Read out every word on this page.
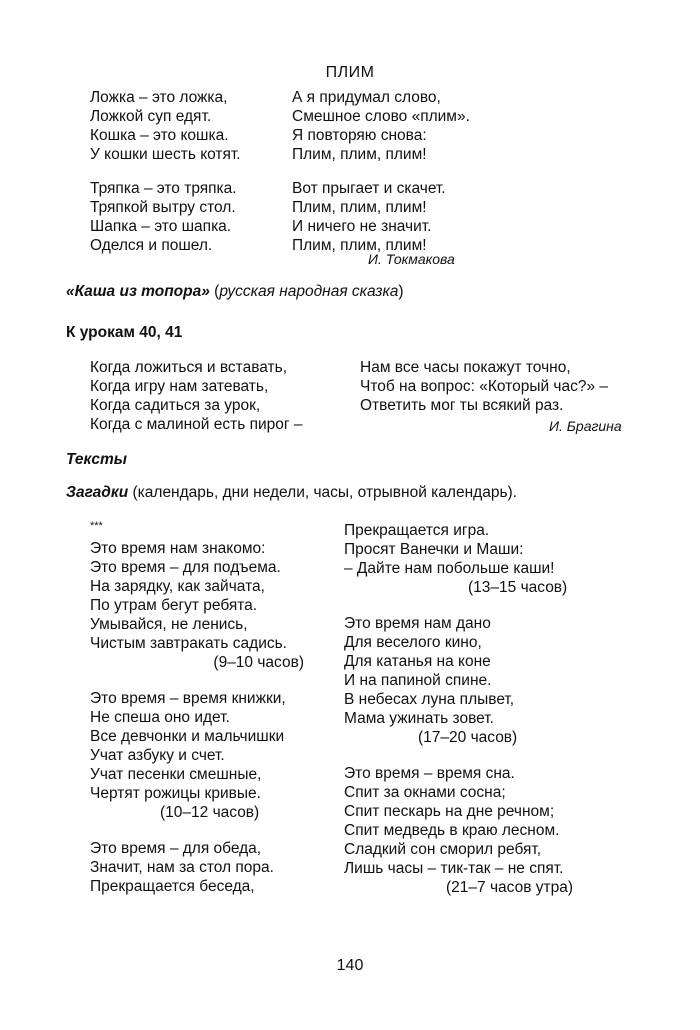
ПЛИМ
Ложка – это ложка,
Ложкой суп едят.
Кошка – это кошка.
У кошки шесть котят.
Тряпка – это тряпка.
Тряпкой вытру стол.
Шапка – это шапка.
Оделся и пошел.
А я придумал слово,
Смешное слово «плим».
Я повторяю снова:
Плим, плим, плим!
Вот прыгает и скачет.
Плим, плим, плим!
И ничего не значит.
Плим, плим, плим!
И. Токмакова
«Каша из топора» (русская народная сказка)
К урокам 40, 41
Когда ложиться и вставать,
Когда игру нам затевать,
Когда садиться за урок,
Когда с малиной есть пирог –
Нам все часы покажут точно,
Чтоб на вопрос: «Который час?» –
Ответить мог ты всякий раз.
И. Брагина
Тексты
Загадки (календарь, дни недели, часы, отрывной календарь).
***
Это время нам знакомо:
Это время – для подъема.
На зарядку, как зайчата,
По утрам бегут ребята.
Умывайся, не ленись,
Чистым завтракать садись.
(9–10 часов)
Это время – время книжки,
Не спеша оно идет.
Все девчонки и мальчишки
Учат азбуку и счет.
Учат песенки смешные,
Чертят рожицы кривые.
(10–12 часов)
Это время – для обеда,
Значит, нам за стол пора.
Прекращается беседа,
Прекращается игра.
Просят Ванечки и Маши:
– Дайте нам побольше каши!
(13–15 часов)
Это время нам дано
Для веселого кино,
Для катанья на коне
И на папиной спине.
В небесах луна плывет,
Мама ужинать зовет.
(17–20 часов)
Это время – время сна.
Спит за окнами сосна;
Спит пескарь на дне речном;
Спит медведь в краю лесном.
Сладкий сон сморил ребят,
Лишь часы – тик-так – не спят.
(21–7 часов утра)
140
